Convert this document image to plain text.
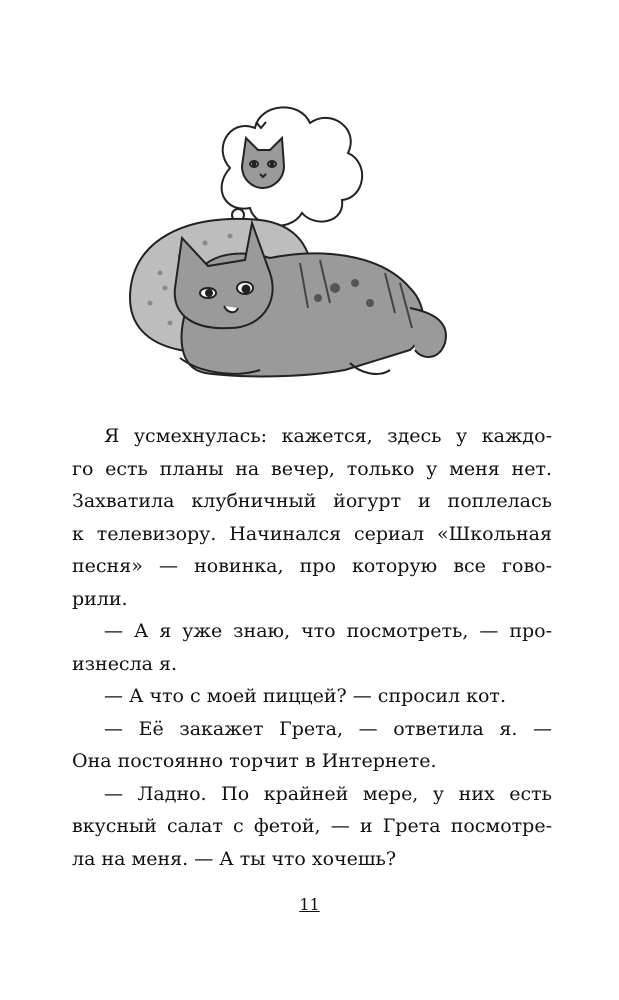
Я усмехнулась: кажется, здесь у каждо-
го есть планы на вечер, только у меня нет.
Захватила клубничный йогурт и поплелась
к телевизору. Начинался сериал «Школьная
песня» — новинка, про которую все гово-
рили.
— А я уже знаю, что посмотреть, — про-
изнесла я.
— А что с моей пиццей? — спросил кот.
— Её закажет Грета, — ответила я. —
Она постоянно торчит в Интернете.
— Ладно. По крайней мере, у них есть
вкусный салат с фетой, — и Грета посмотре-
ла на меня. — А ты что хочешь?
11
